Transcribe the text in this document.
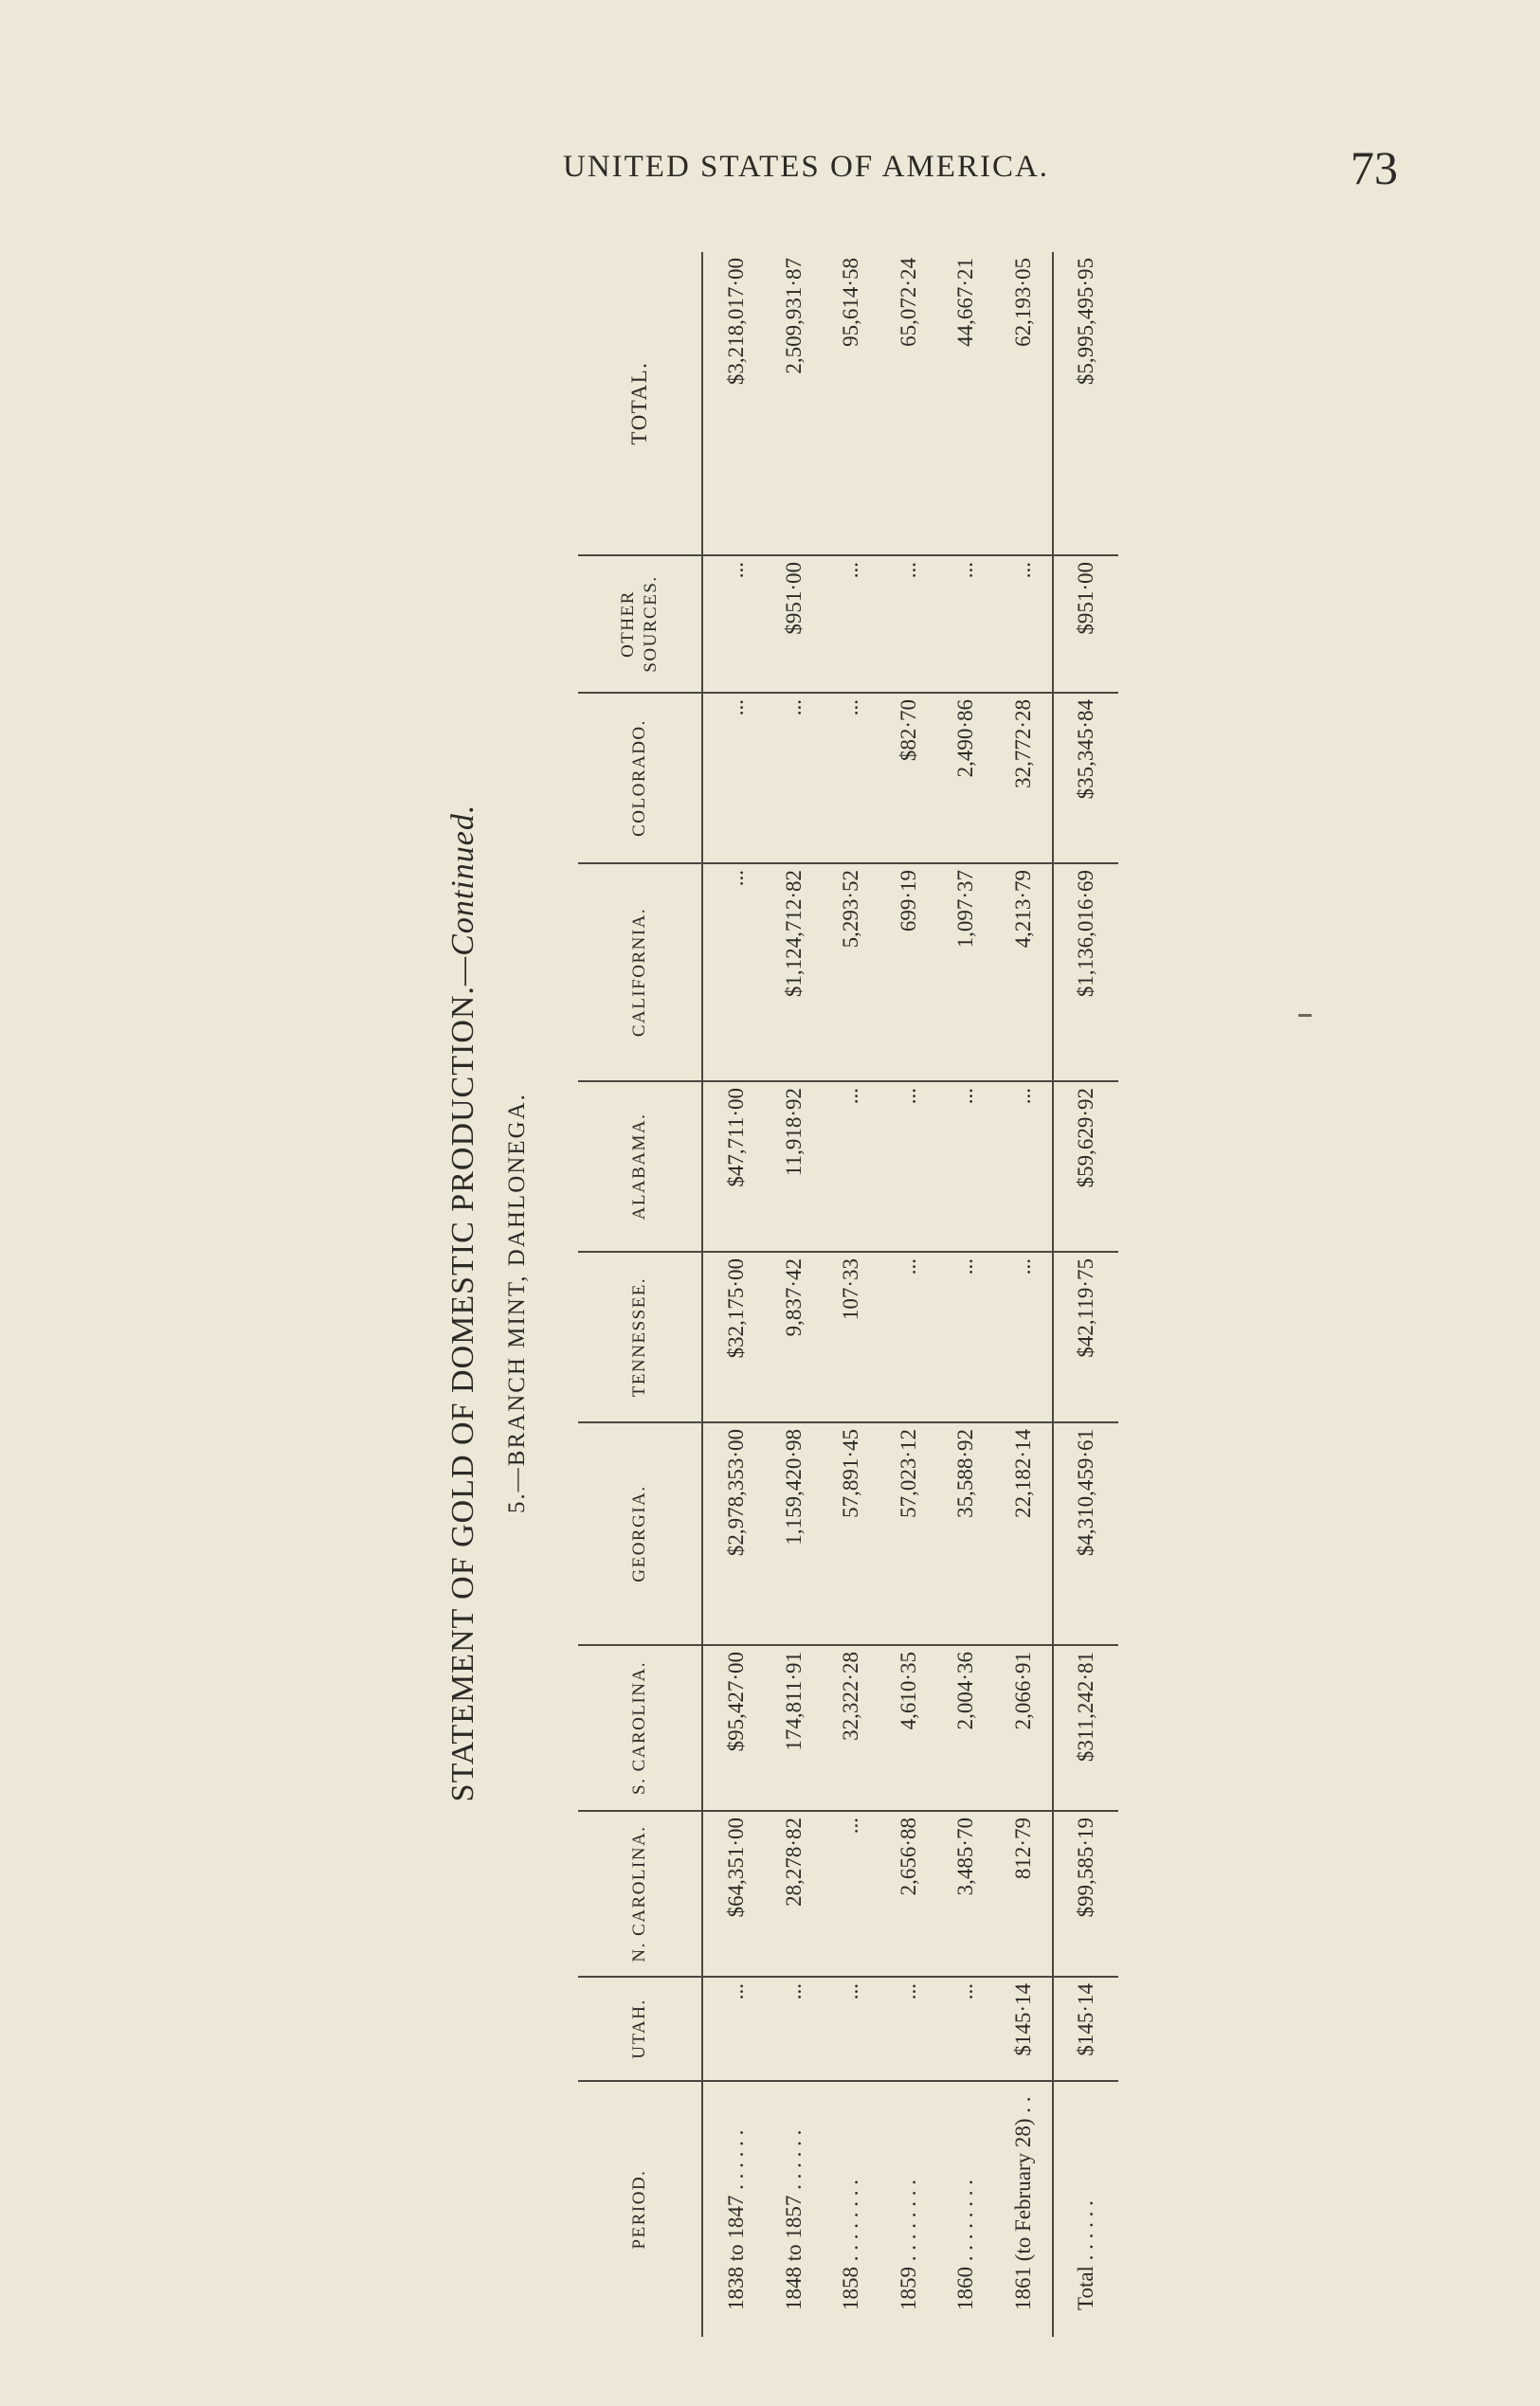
UNITED STATES OF AMERICA.	73
STATEMENT OF GOLD OF DOMESTIC PRODUCTION.—Continued.
5.—BRANCH MINT, DAHLONEGA.
PERIOD.	UTAH.	N. CAROLINA.	S. CAROLINA.	GEORGIA.	TENNESSEE.	ALABAMA.	CALIFORNIA.	COLORADO.	OTHER SOURCES.	TOTAL.
1838 to 1847 . . . . . .	...	$64,351·00	$95,427·00	$2,978,353·00	$32,175·00	$47,711·00	...	...	...	$3,218,017·00
1848 to 1857 . . . . . .	...	28,278·82	174,811·91	1,159,420·98	9,837·42	11,918·92	$1,124,712·82	...	$951·00	2,509,931·87
1858 . . . . . . . .	...	...	32,322·28	57,891·45	107·33	...	5,293·52	...	...	95,614·58
1859 . . . . . . . .	...	2,656·88	4,610·35	57,023·12	...	...	699·19	$82·70	...	65,072·24
1860 . . . . . . . .	...	3,485·70	2,004·36	35,588·92	...	...	1,097·37	2,490·86	...	44,667·21
1861 (to February 28) . .	$145·14	812·79	2,066·91	22,182·14	...	...	4,213·79	32,772·28	...	62,193·05
Total . . . . . .	$145·14	$99,585·19	$311,242·81	$4,310,459·61	$42,119·75	$59,629·92	$1,136,016·69	$35,345·84	$951·00	$5,995,495·95
